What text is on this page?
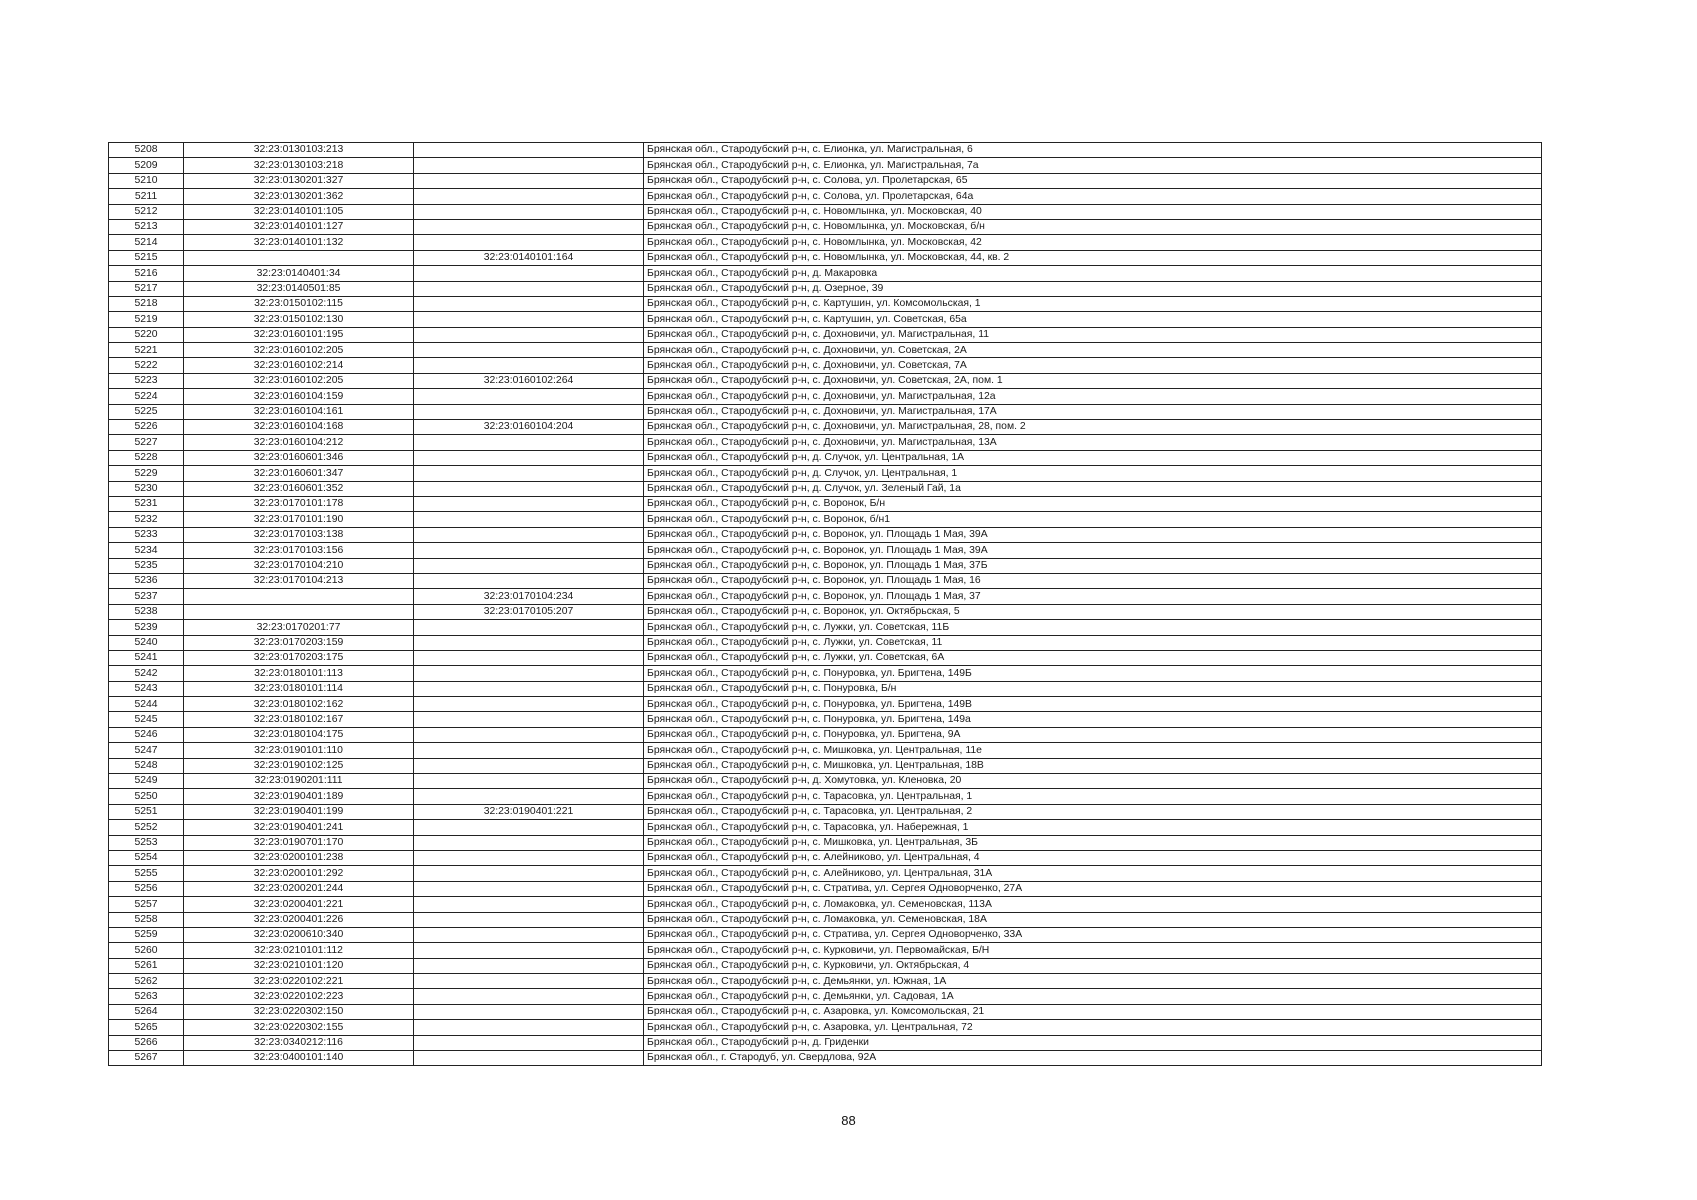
5208	32:23:0130103:213		Брянская обл., Стародубский р-н, с. Елионка, ул. Магистральная, 6
5209	32:23:0130103:218		Брянская обл., Стародубский р-н, с. Елионка, ул. Магистральная, 7а
5210	32:23:0130201:327		Брянская обл., Стародубский р-н, с. Солова, ул. Пролетарская, 65
5211	32:23:0130201:362		Брянская обл., Стародубский р-н, с. Солова, ул. Пролетарская, 64а
5212	32:23:0140101:105		Брянская обл., Стародубский р-н, с. Новомлынка, ул. Московская, 40
5213	32:23:0140101:127		Брянская обл., Стародубский р-н, с. Новомлынка, ул. Московская, б/н
5214	32:23:0140101:132		Брянская обл., Стародубский р-н, с. Новомлынка, ул. Московская, 42
5215		32:23:0140101:164	Брянская обл., Стародубский р-н, с. Новомлынка, ул. Московская, 44, кв. 2
5216	32:23:0140401:34		Брянская обл., Стародубский р-н, д. Макаровка
5217	32:23:0140501:85		Брянская обл., Стародубский р-н, д. Озерное, 39
5218	32:23:0150102:115		Брянская обл., Стародубский р-н, с. Картушин, ул. Комсомольская, 1
5219	32:23:0150102:130		Брянская обл., Стародубский р-н, с. Картушин, ул. Советская, 65а
5220	32:23:0160101:195		Брянская обл., Стародубский р-н, с. Дохновичи, ул. Магистральная, 11
5221	32:23:0160102:205		Брянская обл., Стародубский р-н, с. Дохновичи, ул. Советская, 2А
5222	32:23:0160102:214		Брянская обл., Стародубский р-н, с. Дохновичи, ул. Советская, 7А
5223	32:23:0160102:205	32:23:0160102:264	Брянская обл., Стародубский р-н, с. Дохновичи, ул. Советская, 2А, пом. 1
5224	32:23:0160104:159		Брянская обл., Стародубский р-н, с. Дохновичи, ул. Магистральная, 12а
5225	32:23:0160104:161		Брянская обл., Стародубский р-н, с. Дохновичи, ул. Магистральная, 17А
5226	32:23:0160104:168	32:23:0160104:204	Брянская обл., Стародубский р-н, с. Дохновичи, ул. Магистральная, 28, пом. 2
5227	32:23:0160104:212		Брянская обл., Стародубский р-н, с. Дохновичи, ул. Магистральная, 13А
5228	32:23:0160601:346		Брянская обл., Стародубский р-н, д. Случок, ул. Центральная, 1А
5229	32:23:0160601:347		Брянская обл., Стародубский р-н, д. Случок, ул. Центральная, 1
5230	32:23:0160601:352		Брянская обл., Стародубский р-н, д. Случок, ул. Зеленый Гай, 1а
5231	32:23:0170101:178		Брянская обл., Стародубский р-н, с. Воронок, Б/н
5232	32:23:0170101:190		Брянская обл., Стародубский р-н, с. Воронок, б/н1
5233	32:23:0170103:138		Брянская обл., Стародубский р-н, с. Воронок, ул. Площадь 1 Мая, 39А
5234	32:23:0170103:156		Брянская обл., Стародубский р-н, с. Воронок, ул. Площадь 1 Мая, 39А
5235	32:23:0170104:210		Брянская обл., Стародубский р-н, с. Воронок, ул. Площадь 1 Мая, 37Б
5236	32:23:0170104:213		Брянская обл., Стародубский р-н, с. Воронок, ул. Площадь 1 Мая, 16
5237		32:23:0170104:234	Брянская обл., Стародубский р-н, с. Воронок, ул. Площадь 1 Мая, 37
5238		32:23:0170105:207	Брянская обл., Стародубский р-н, с. Воронок, ул. Октябрьская, 5
5239	32:23:0170201:77		Брянская обл., Стародубский р-н, с. Лужки, ул. Советская, 11Б
5240	32:23:0170203:159		Брянская обл., Стародубский р-н, с. Лужки, ул. Советская, 11
5241	32:23:0170203:175		Брянская обл., Стародубский р-н, с. Лужки, ул. Советская, 6А
5242	32:23:0180101:113		Брянская обл., Стародубский р-н, с. Понуровка, ул. Бригтена, 149Б
5243	32:23:0180101:114		Брянская обл., Стародубский р-н, с. Понуровка, Б/н
5244	32:23:0180102:162		Брянская обл., Стародубский р-н, с. Понуровка, ул. Бригтена, 149В
5245	32:23:0180102:167		Брянская обл., Стародубский р-н, с. Понуровка, ул. Бригтена, 149а
5246	32:23:0180104:175		Брянская обл., Стародубский р-н, с. Понуровка, ул. Бригтена, 9А
5247	32:23:0190101:110		Брянская обл., Стародубский р-н, с. Мишковка, ул. Центральная, 11е
5248	32:23:0190102:125		Брянская обл., Стародубский р-н, с. Мишковка, ул. Центральная, 18В
5249	32:23:0190201:111		Брянская обл., Стародубский р-н, д. Хомутовка, ул. Кленовка, 20
5250	32:23:0190401:189		Брянская обл., Стародубский р-н, с. Тарасовка, ул. Центральная, 1
5251	32:23:0190401:199	32:23:0190401:221	Брянская обл., Стародубский р-н, с. Тарасовка, ул. Центральная, 2
5252	32:23:0190401:241		Брянская обл., Стародубский р-н, с. Тарасовка, ул. Набережная, 1
5253	32:23:0190701:170		Брянская обл., Стародубский р-н, с. Мишковка, ул. Центральная, 3Б
5254	32:23:0200101:238		Брянская обл., Стародубский р-н, с. Алейниково, ул. Центральная, 4
5255	32:23:0200101:292		Брянская обл., Стародубский р-н, с. Алейниково, ул. Центральная, 31А
5256	32:23:0200201:244		Брянская обл., Стародубский р-н, с. Стратива, ул. Сергея Одноворченко, 27А
5257	32:23:0200401:221		Брянская обл., Стародубский р-н, с. Ломаковка, ул. Семеновская, 113А
5258	32:23:0200401:226		Брянская обл., Стародубский р-н, с. Ломаковка, ул. Семеновская, 18А
5259	32:23:0200610:340		Брянская обл., Стародубский р-н, с. Стратива, ул. Сергея Одноворченко, 33А
5260	32:23:0210101:112		Брянская обл., Стародубский р-н, с. Курковичи, ул. Первомайская, Б/Н
5261	32:23:0210101:120		Брянская обл., Стародубский р-н, с. Курковичи, ул. Октябрьская, 4
5262	32:23:0220102:221		Брянская обл., Стародубский р-н, с. Демьянки, ул. Южная, 1А
5263	32:23:0220102:223		Брянская обл., Стародубский р-н, с. Демьянки, ул. Садовая, 1А
5264	32:23:0220302:150		Брянская обл., Стародубский р-н, с. Азаровка, ул. Комсомольская, 21
5265	32:23:0220302:155		Брянская обл., Стародубский р-н, с. Азаровка, ул. Центральная, 72
5266	32:23:0340212:116		Брянская обл., Стародубский р-н, д. Гриденки
5267	32:23:0400101:140		Брянская обл., г. Стародуб, ул. Свердлова, 92А
88
